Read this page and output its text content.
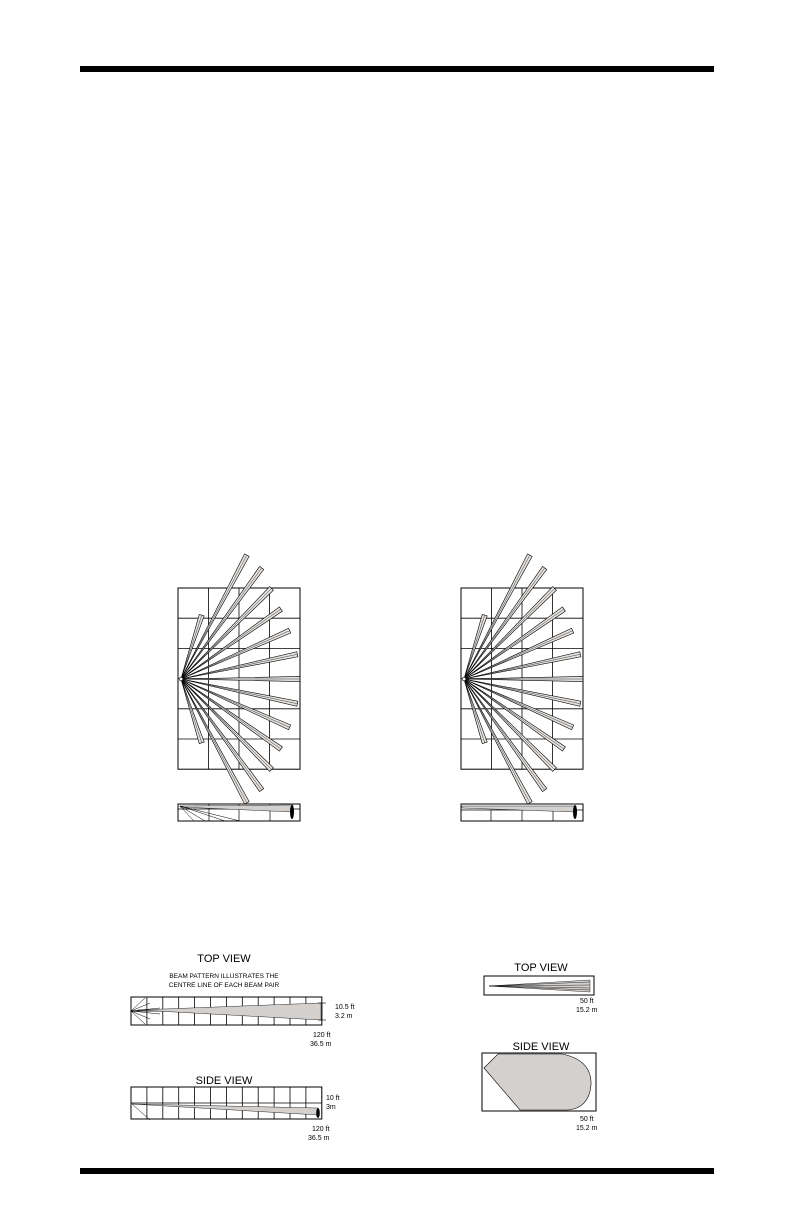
TOP VIEW
BEAM PATTERN ILLUSTRATES THE
CENTRE LINE OF EACH BEAM PAIR
10.5 ft
3.2 m
120 ft
36.5 m
SIDE VIEW
10 ft
3m
120 ft
36.5 m
TOP VIEW
50 ft
15.2 m
SIDE VIEW
50 ft
15.2 m
